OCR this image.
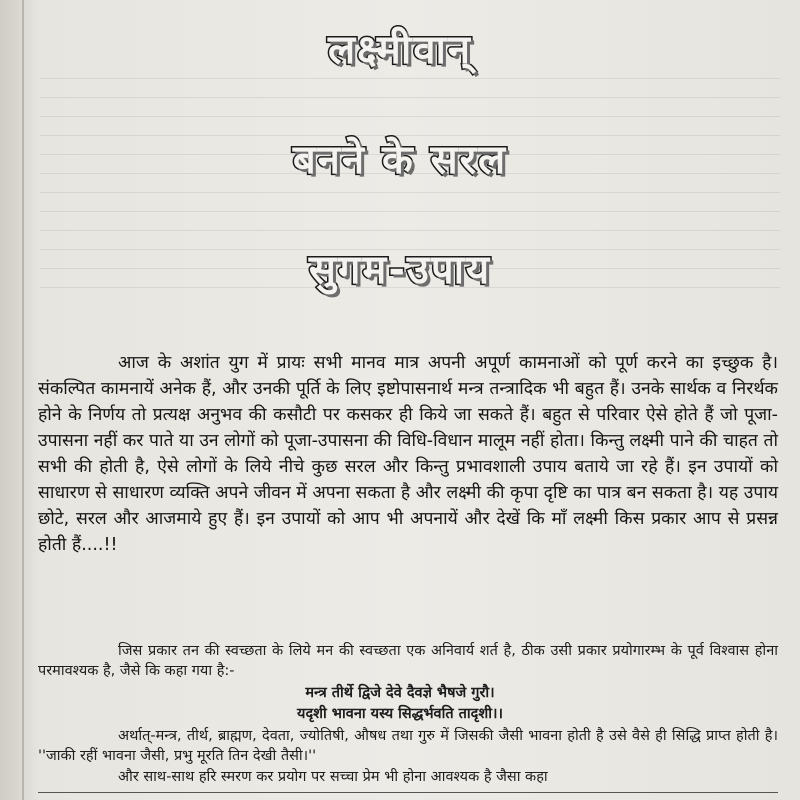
लक्ष्मीवान्
बनने के सरल
सुगम-उपाय
आज के अशांत युग में प्रायः सभी मानव मात्र अपनी अपूर्ण कामनाओं को पूर्ण करने का इच्छुक है। संकल्पित कामनायें अनेक हैं, और उनकी पूर्ति के लिए इष्टोपासनार्थ मन्त्र तन्त्रादिक भी बहुत हैं। उनके सार्थक व निरर्थक होने के निर्णय तो प्रत्यक्ष अनुभव की कसौटी पर कसकर ही किये जा सकते हैं। बहुत से परिवार ऐसे होते हैं जो पूजा-उपासना नहीं कर पाते या उन लोगों को पूजा-उपासना की विधि-विधान मालूम नहीं होता। किन्तु लक्ष्मी पाने की चाहत तो सभी की होती है, ऐसे लोगों के लिये नीचे कुछ सरल और किन्तु प्रभावशाली उपाय बताये जा रहे हैं। इन उपायों को साधारण से साधारण व्यक्ति अपने जीवन में अपना सकता है और लक्ष्मी की कृपा दृष्टि का पात्र बन सकता है। यह उपाय छोटे, सरल और आजमाये हुए हैं। इन उपायों को आप भी अपनायें और देखें कि माँ लक्ष्मी किस प्रकार आप से प्रसन्न होती हैं....!!
जिस प्रकार तन की स्वच्छता के लिये मन की स्वच्छता एक अनिवार्य शर्त है, ठीक उसी प्रकार प्रयोगारम्भ के पूर्व विश्वास होना परमावश्यक है, जैसे कि कहा गया है:-
मन्त्र तीर्थे द्विजे देवे दैवज्ञे भैषजे गुरौ।
यदृशी भावना यस्य सिद्धर्भवति तादृशी।।
अर्थात्-मन्त्र, तीर्थ, ब्राह्मण, देवता, ज्योतिषी, औषध तथा गुरु में जिसकी जैसी भावना होती है उसे वैसे ही सिद्धि प्राप्त होती है। ''जाकी रहीं भावना जैसी, प्रभु मूरति तिन देखी तैसी।''
और साथ-साथ हरि स्मरण कर प्रयोग पर सच्चा प्रेम भी होना आवश्यक है जैसा कहा
